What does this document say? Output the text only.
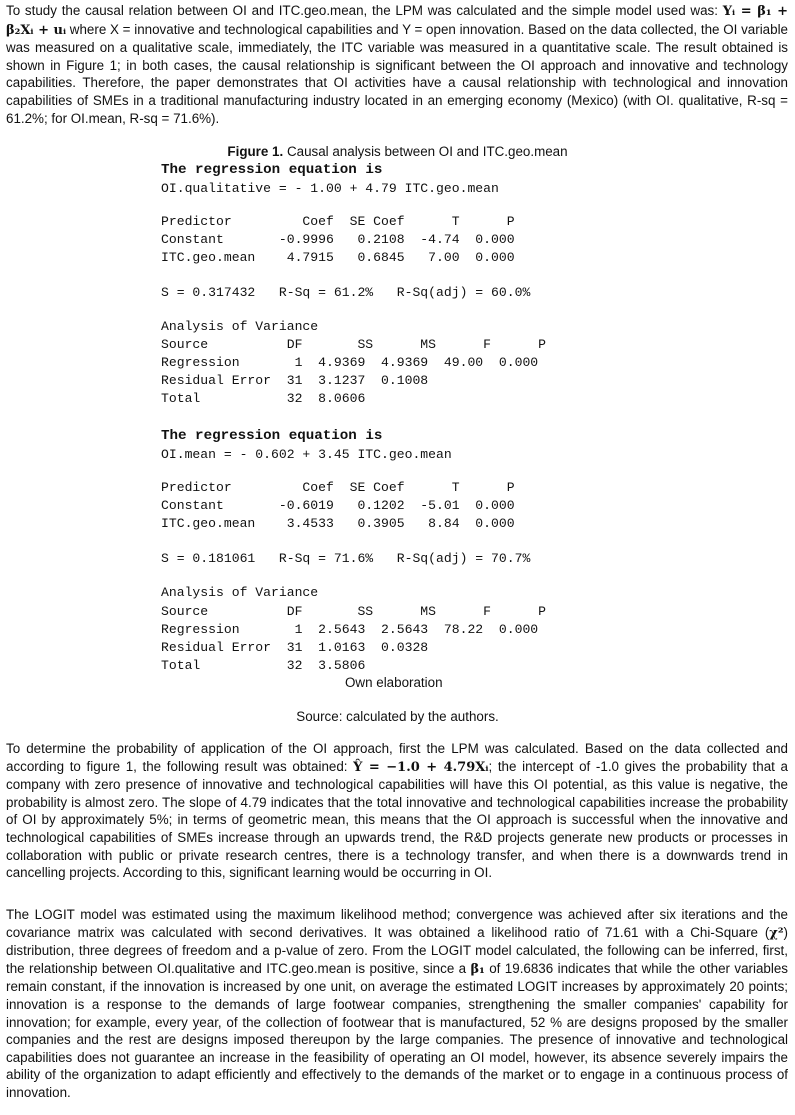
To study the causal relation between OI and ITC.geo.mean, the LPM was calculated and the simple model used was: Yᵢ = β₁ + β₂Xᵢ + uᵢ where X = innovative and technological capabilities and Y = open innovation. Based on the data collected, the OI variable was measured on a qualitative scale, immediately, the ITC variable was measured in a quantitative scale. The result obtained is shown in Figure 1; in both cases, the causal relationship is significant between the OI approach and innovative and technology capabilities. Therefore, the paper demonstrates that OI activities have a causal relationship with technological and innovation capabilities of SMEs in a traditional manufacturing industry located in an emerging economy (Mexico) (with OI. qualitative, R-sq = 61.2%; for OI.mean, R-sq = 71.6%).

Figure 1. Causal analysis between OI and ITC.geo.mean

The regression equation is
OI.qualitative = - 1.00 + 4.79 ITC.geo.mean
Predictor         Coef  SE Coef      T      P
Constant       -0.9996   0.2108  -4.74  0.000
ITC.geo.mean    4.7915   0.6845   7.00  0.000
S = 0.317432   R-Sq = 61.2%   R-Sq(adj) = 60.0%
Analysis of Variance
Source          DF       SS      MS      F      P
Regression       1  4.9369  4.9369  49.00  0.000
Residual Error  31  3.1237  0.1008
Total           32  8.0606
The regression equation is
OI.mean = - 0.602 + 3.45 ITC.geo.mean
Predictor         Coef  SE Coef      T      P
Constant       -0.6019   0.1202  -5.01  0.000
ITC.geo.mean    3.4533   0.3905   8.84  0.000
S = 0.181061   R-Sq = 71.6%   R-Sq(adj) = 70.7%
Analysis of Variance
Source          DF       SS      MS      F      P
Regression       1  2.5643  2.5643  78.22  0.000
Residual Error  31  1.0163  0.0328
Total           32  3.5806

Own elaboration

Source: calculated by the authors.

To determine the probability of application of the OI approach, first the LPM was calculated. Based on the data collected and according to figure 1, the following result was obtained: Ŷ = −1.0 + 4.79Xᵢ; the intercept of -1.0 gives the probability that a company with zero presence of innovative and technological capabilities will have this OI potential, as this value is negative, the probability is almost zero. The slope of 4.79 indicates that the total innovative and technological capabilities increase the probability of OI by approximately 5%; in terms of geometric mean, this means that the OI approach is successful when the innovative and technological capabilities of SMEs increase through an upwards trend, the R&D projects generate new products or processes in collaboration with public or private research centres, there is a technology transfer, and when there is a downwards trend in cancelling projects. According to this, significant learning would be occurring in OI.

The LOGIT model was estimated using the maximum likelihood method; convergence was achieved after six iterations and the covariance matrix was calculated with second derivatives. It was obtained a likelihood ratio of 71.61 with a Chi-Square (χ²) distribution, three degrees of freedom and a p-value of zero. From the LOGIT model calculated, the following can be inferred, first, the relationship between OI.qualitative and ITC.geo.mean is positive, since a β₁ of 19.6836 indicates that while the other variables remain constant, if the innovation is increased by one unit, on average the estimated LOGIT increases by approximately 20 points; innovation is a response to the demands of large footwear companies, strengthening the smaller companies' capability for innovation; for example, every year, of the collection of footwear that is manufactured, 52 % are designs proposed by the smaller companies and the rest are designs imposed thereupon by the large companies. The presence of innovative and technological capabilities does not guarantee an increase in the feasibility of operating an OI model, however, its absence severely impairs the ability of the organization to adapt efficiently and effectively to the demands of the market or to engage in a continuous process of innovation.
